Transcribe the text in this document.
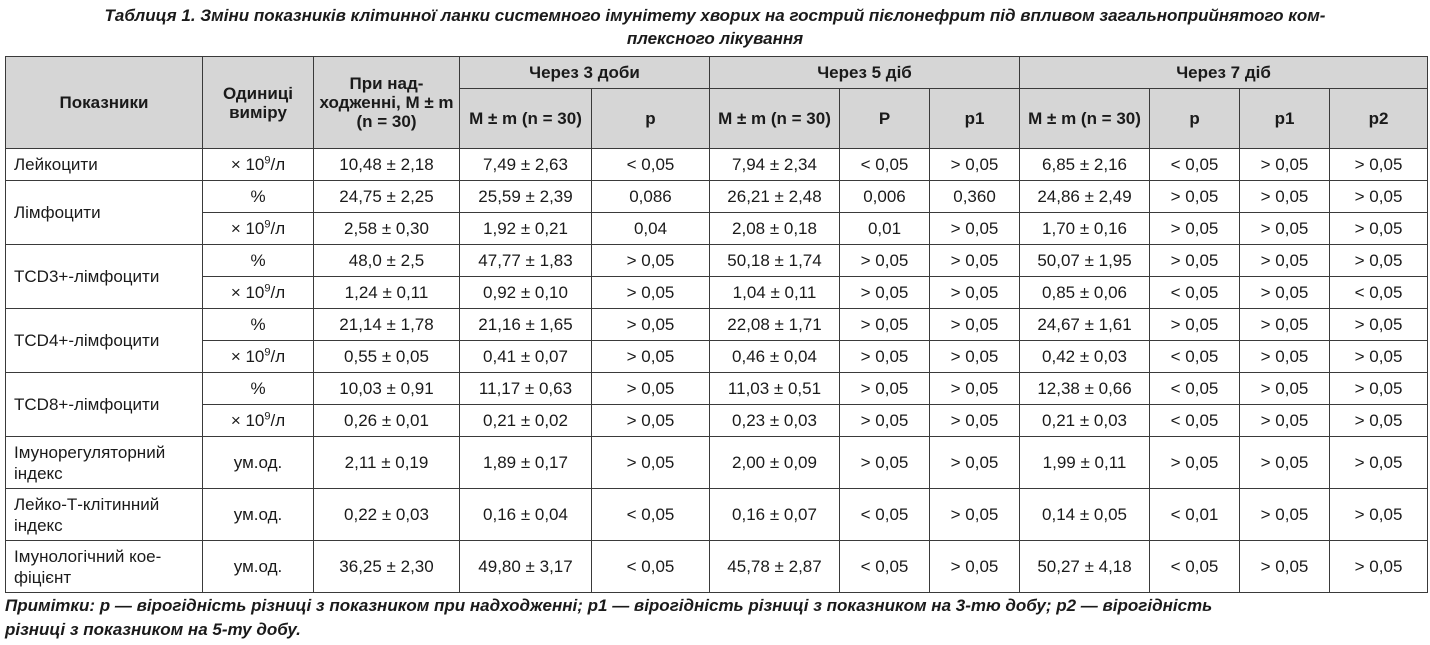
Таблиця 1. Зміни показників клітинної ланки системного імунітету хворих на гострий пієлонефрит під впливом загальноприйнятого ком-
плексного лікування
Показники	Одиниці виміру	При над-ходженні, M ± m (n = 30)	Через 3 доби		Через 5 діб			Через 7 діб			
			M ± m (n = 30)	p	M ± m (n = 30)	P	p1	M ± m (n = 30)	p	p1	p2
Лейкоцити	× $10^9/л$	10,48 ± 2,18	7,49 ± 2,63	< 0,05	7,94 ± 2,34	< 0,05	> 0,05	6,85 ± 2,16	< 0,05	> 0,05	> 0,05
Лімфоцити	%	24,75 ± 2,25	25,59 ± 2,39	0,086	26,21 ± 2,48	0,006	0,360	24,86 ± 2,49	> 0,05	> 0,05	> 0,05
	× $10^9/л$	2,58 ± 0,30	1,92 ± 0,21	0,04	2,08 ± 0,18	0,01	> 0,05	1,70 ± 0,16	> 0,05	> 0,05	> 0,05
TCD3+-лімфоцити	%	48,0 ± 2,5	47,77 ± 1,83	> 0,05	50,18 ± 1,74	> 0,05	> 0,05	50,07 ± 1,95	> 0,05	> 0,05	> 0,05
	× $10^9/л$	1,24 ± 0,11	0,92 ± 0,10	> 0,05	1,04 ± 0,11	> 0,05	> 0,05	0,85 ± 0,06	< 0,05	> 0,05	< 0,05
TCD4+-лімфоцити	%	21,14 ± 1,78	21,16 ± 1,65	> 0,05	22,08 ± 1,71	> 0,05	> 0,05	24,67 ± 1,61	> 0,05	> 0,05	> 0,05
	× $10^9/л$	0,55 ± 0,05	0,41 ± 0,07	> 0,05	0,46 ± 0,04	> 0,05	> 0,05	0,42 ± 0,03	< 0,05	> 0,05	> 0,05
TCD8+-лімфоцити	%	10,03 ± 0,91	11,17 ± 0,63	> 0,05	11,03 ± 0,51	> 0,05	> 0,05	12,38 ± 0,66	< 0,05	> 0,05	> 0,05
	× $10^9/л$	0,26 ± 0,01	0,21 ± 0,02	> 0,05	0,23 ± 0,03	> 0,05	> 0,05	0,21 ± 0,03	< 0,05	> 0,05	> 0,05
Імунорегуляторний
індекс	ум.од.	2,11 ± 0,19	1,89 ± 0,17	> 0,05	2,00 ± 0,09	> 0,05	> 0,05	1,99 ± 0,11	> 0,05	> 0,05	> 0,05
Лейко-Т-клітинний
індекс	ум.од.	0,22 ± 0,03	0,16 ± 0,04	< 0,05	0,16 ± 0,07	< 0,05	> 0,05	0,14 ± 0,05	< 0,01	> 0,05	> 0,05
Імунологічний кое-
фіцієнт	ум.од.	36,25 ± 2,30	49,80 ± 3,17	< 0,05	45,78 ± 2,87	< 0,05	> 0,05	50,27 ± 4,18	< 0,05	> 0,05	> 0,05
Примітки: p — вірогідність різниці з показником при надходженні; p1 — вірогідність різниці з показником на 3-тю добу; p2 — вірогідність
різниці з показником на 5-ту добу.
